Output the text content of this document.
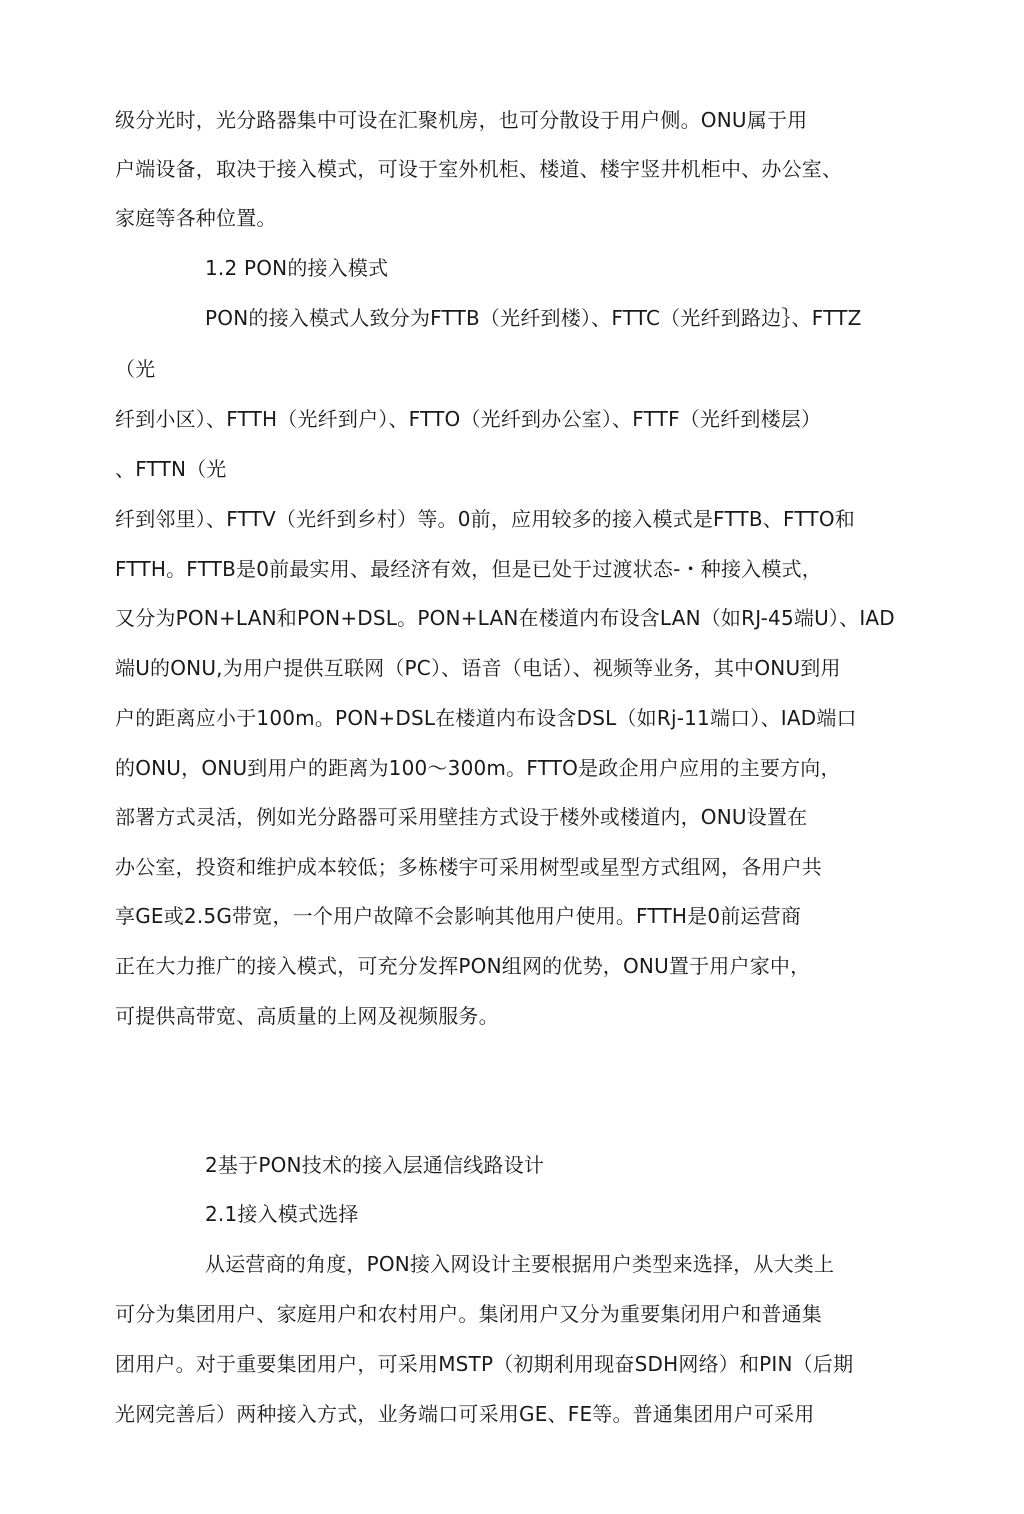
级分光时，光分路器集中可设在汇聚机房，也可分散设于用户侧。ONU属于用
户端设备，取决于接入模式，可设于室外机柜、楼道、楼宇竖井机柜中、办公室、
家庭等各种位置。
1.2 PON的接入模式
PON的接入模式人致分为FTTB（光纤到楼）、FTTC（光纤到路边｝、FTTZ
（光
纤到小区）、FTTH（光纤到户）、FTTO（光纤到办公室）、FTTF（光纤到楼层）
、FTTN（光
纤到邻里）、FTTV（光纤到乡村）等。0前，应用较多的接入模式是FTTB、FTTO和
FTTH。FTTB是0前最实用、最经济有效，但是已处于过渡状态-・种接入模式，
又分为PON+LAN和PON+DSL。PON+LAN在楼道内布设含LAN（如RJ-45端U）、IAD
端U的ONU,为用户提供互联网（PC）、语音（电话）、视频等业务，其中ONU到用
户的距离应小于100m。PON+DSL在楼道内布设含DSL（如Rj-11端口）、IAD端口
的ONU，ONU到用户的距离为100～300m。FTTO是政企用户应用的主要方向，
部署方式灵活，例如光分路器可采用壁挂方式设于楼外或楼道内，ONU设置在
办公室，投资和维护成本较低；多栋楼宇可采用树型或星型方式组网，各用户共
享GE或2.5G带宽，一个用户故障不会影响其他用户使用。FTTH是0前运营商
正在大力推广的接入模式，可充分发挥PON组网的优势，ONU置于用户家中，
可提供高带宽、高质量的上网及视频服务。
2基于PON技术的接入层通信线路设计
2.1接入模式选择
从运营商的角度，PON接入网设计主要根据用户类型来选择，从大类上
可分为集团用户、家庭用户和农村用户。集闭用户又分为重要集闭用户和普通集
团用户。对于重要集团用户，可采用MSTP（初期利用现奋SDH网络）和PIN（后期
光网完善后）两种接入方式，业务端口可采用GE、FE等。普通集团用户可采用
